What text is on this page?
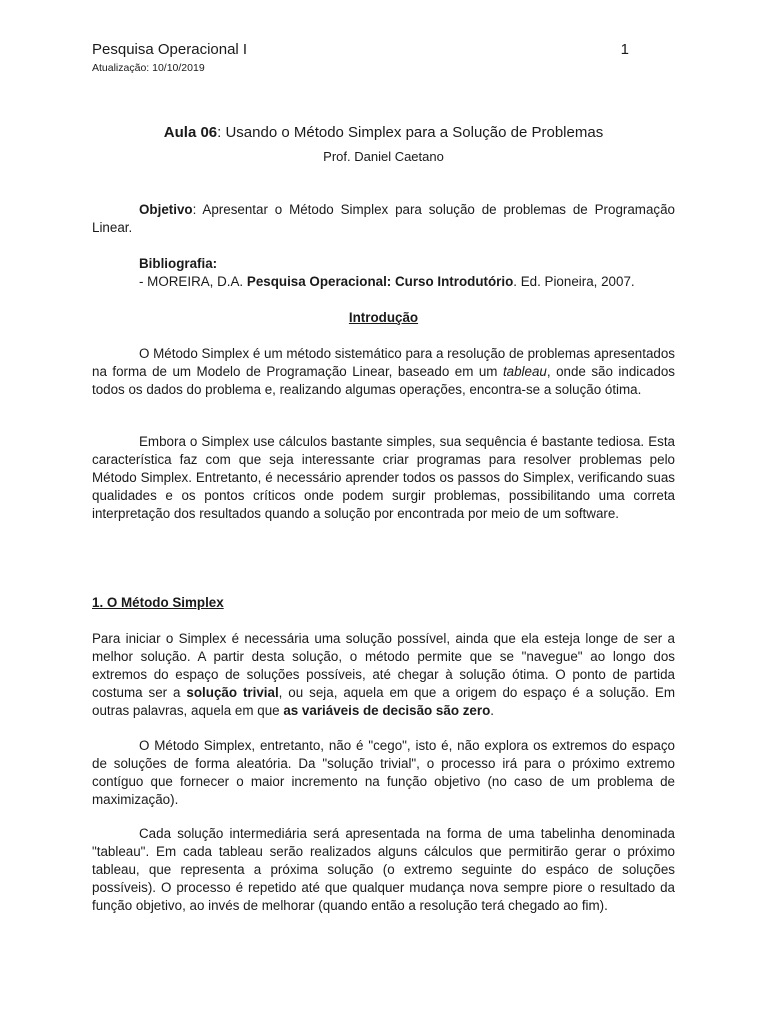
Pesquisa Operacional I	1
Atualização: 10/10/2019
Aula 06: Usando o Método Simplex para a Solução de Problemas
Prof. Daniel Caetano
Objetivo: Apresentar o Método Simplex para solução de problemas de Programação Linear.
Bibliografia:
- MOREIRA, D.A. Pesquisa Operacional: Curso Introdutório. Ed. Pioneira, 2007.
Introdução
O Método Simplex é um método sistemático para a resolução de problemas apresentados na forma de um Modelo de Programação Linear, baseado em um tableau, onde são indicados todos os dados do problema e, realizando algumas operações, encontra-se a solução ótima.
Embora o Simplex use cálculos bastante simples, sua sequência é bastante tediosa. Esta característica faz com que seja interessante criar programas para resolver problemas pelo Método Simplex. Entretanto, é necessário aprender todos os passos do Simplex, verificando suas qualidades e os pontos críticos onde podem surgir problemas, possibilitando uma correta interpretação dos resultados quando a solução por encontrada por meio de um software.
1. O Método Simplex
Para iniciar o Simplex é necessária uma solução possível, ainda que ela esteja longe de ser a melhor solução. A partir desta solução, o método permite que se "navegue" ao longo dos extremos do espaço de soluções possíveis, até chegar à solução ótima. O ponto de partida costuma ser a solução trivial, ou seja, aquela em que a origem do espaço é a solução. Em outras palavras, aquela em que as variáveis de decisão são zero.
O Método Simplex, entretanto, não é "cego", isto é, não explora os extremos do espaço de soluções de forma aleatória. Da "solução trivial", o processo irá para o próximo extremo contíguo que fornecer o maior incremento na função objetivo (no caso de um problema de maximização).
Cada solução intermediária será apresentada na forma de uma tabelinha denominada "tableau". Em cada tableau serão realizados alguns cálculos que permitirão gerar o próximo tableau, que representa a próxima solução (o extremo seguinte do espáco de soluções possíveis). O processo é repetido até que qualquer mudança nova sempre piore o resultado da função objetivo, ao invés de melhorar (quando então a resolução terá chegado ao fim).
